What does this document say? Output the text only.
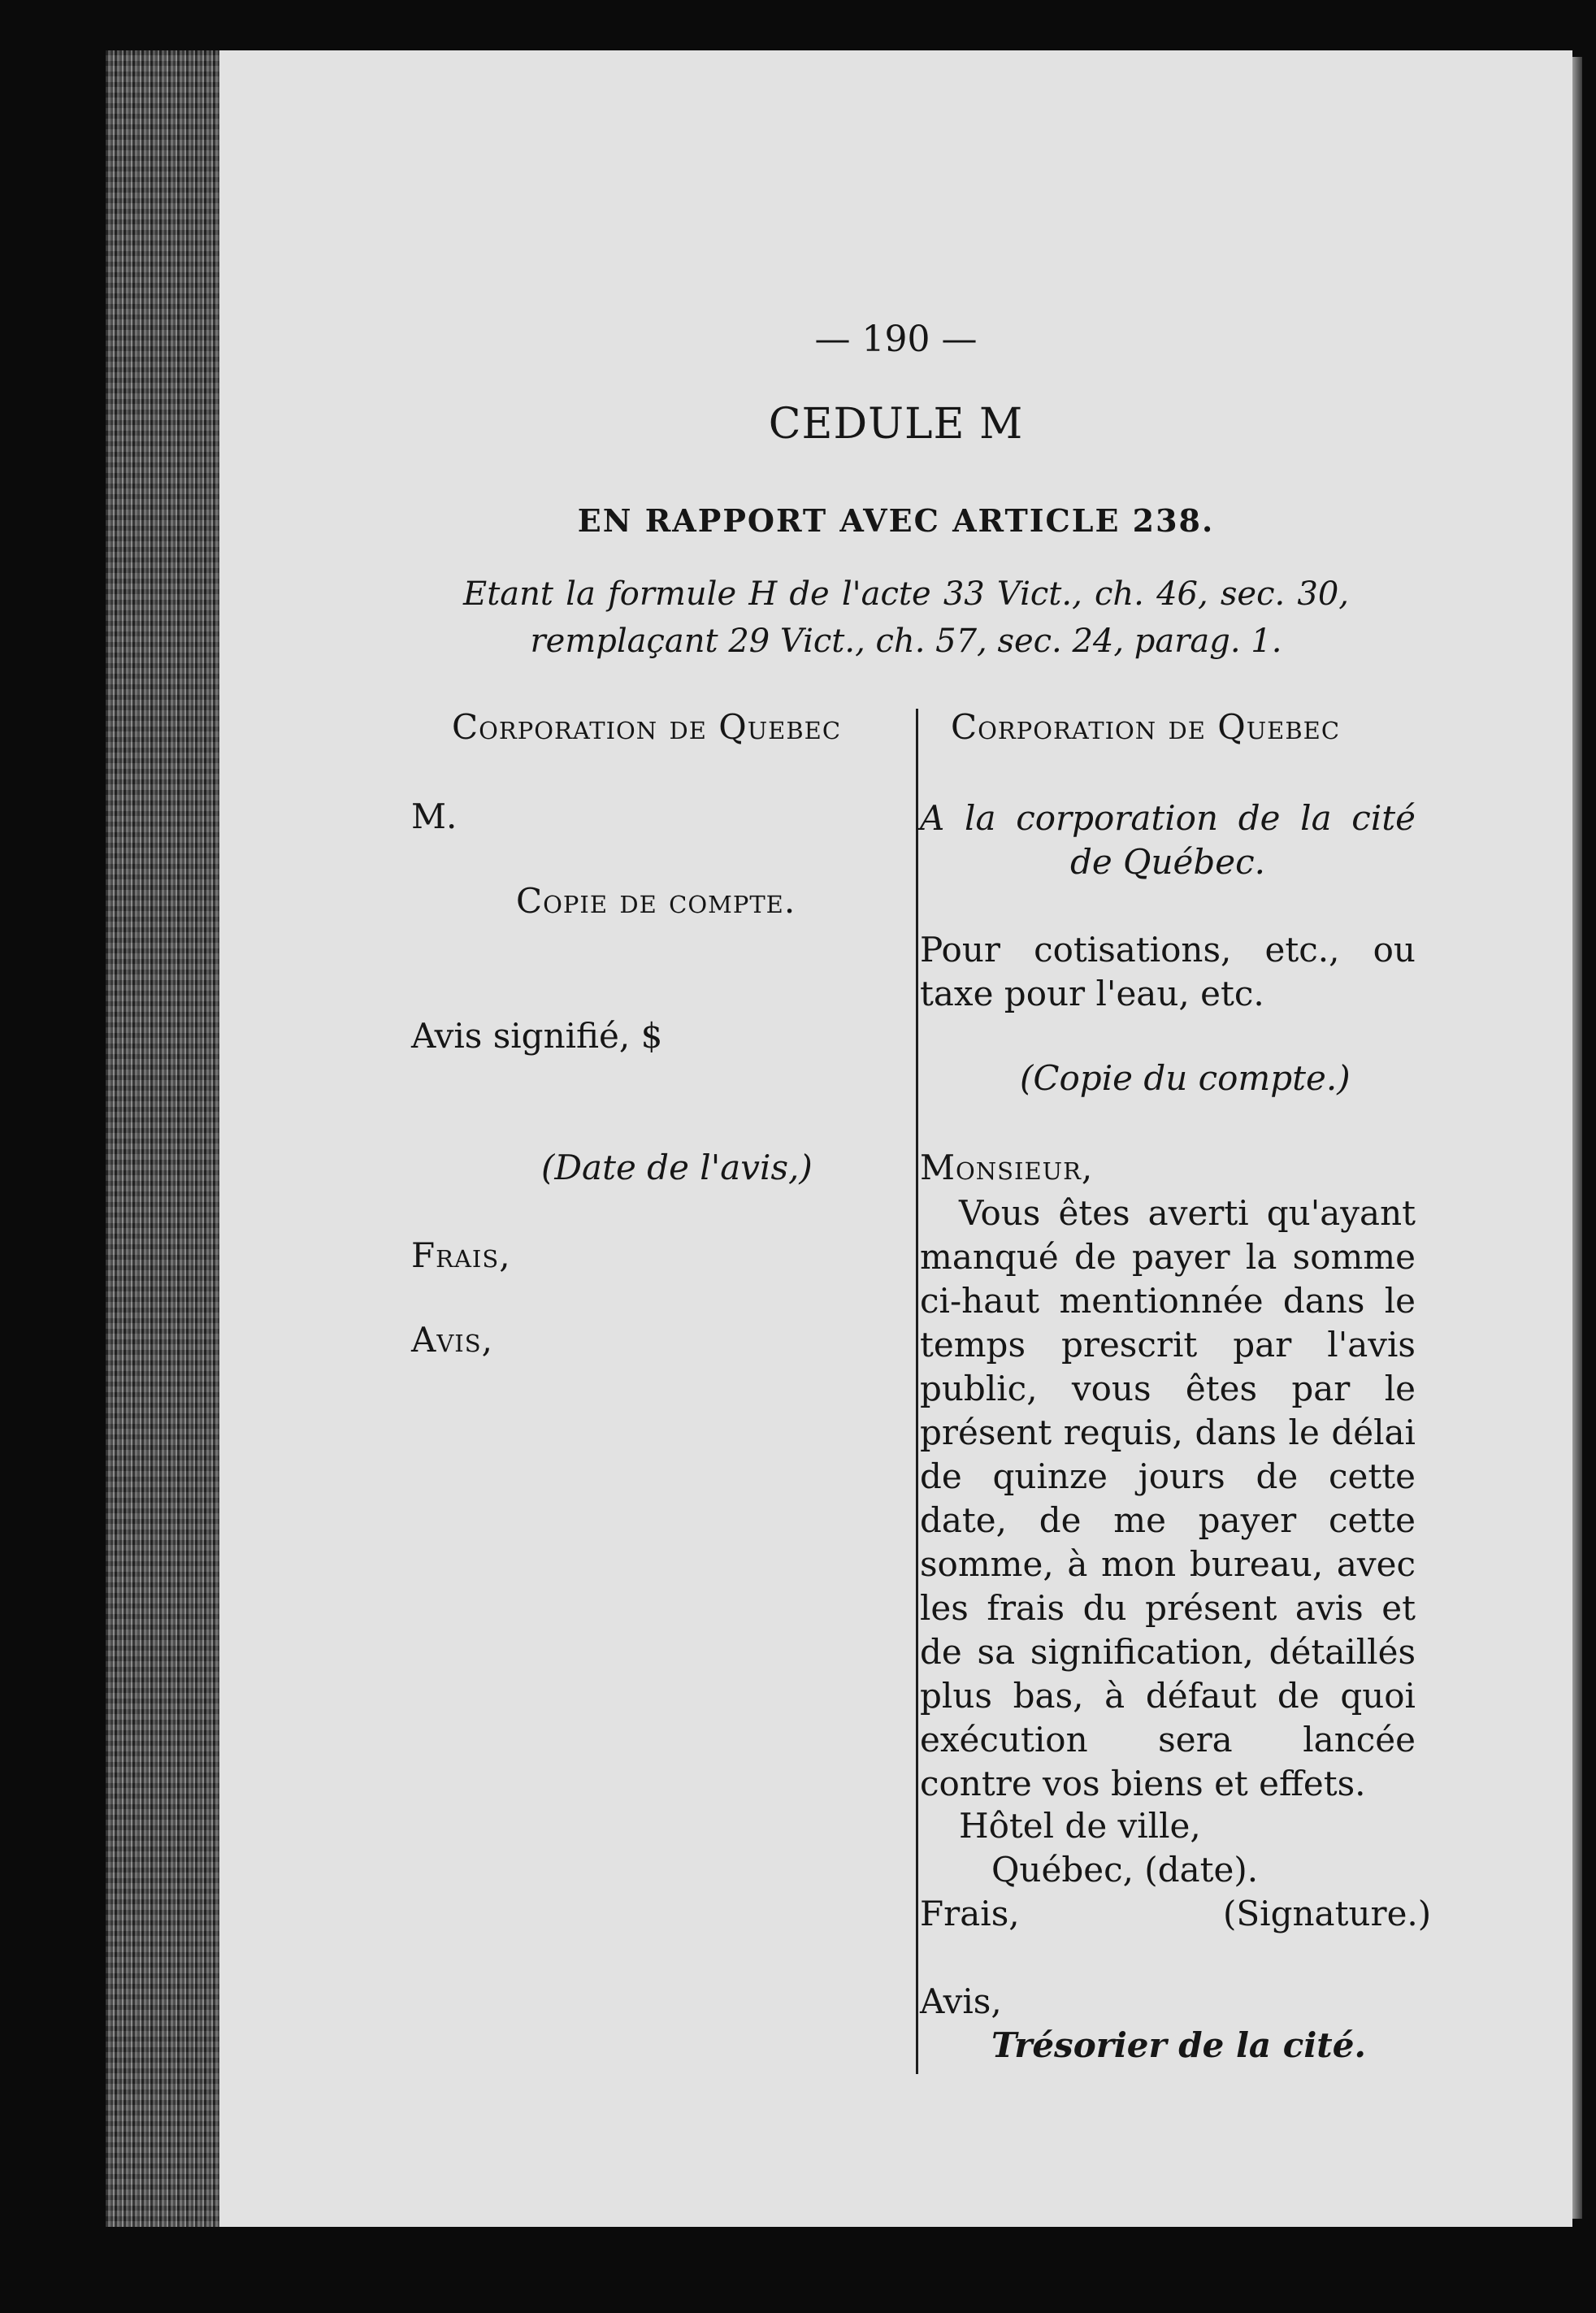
— 190 —
CEDULE M
EN RAPPORT AVEC ARTICLE 238.
Etant la formule H de l'acte 33 Vict., ch. 46, sec. 30, remplaçant 29 Vict., ch. 57, sec. 24, parag. 1.
Corporation de Quebec
M.
Copie de compte.
Avis signifié, $
(Date de l'avis,)
Frais,
Avis,
Corporation de Quebec
A la corporation de la cité de Québec.
Pour cotisations, etc., ou taxe pour l'eau, etc.
(Copie du compte.)
Monsieur,
Vous êtes averti qu'ayant manqué de payer la somme ci-haut mentionnée dans le temps prescrit par l'avis public, vous êtes par le présent requis, dans le délai de quinze jours de cette date, de me payer cette somme, à mon bureau, avec les frais du présent avis et de sa signification, détaillés plus bas, à défaut de quoi exécution sera lancée contre vos biens et effets.
Hôtel de ville,
Québec, (date).
Frais,	(Signature.)
Avis,
Trésorier de la cité.
